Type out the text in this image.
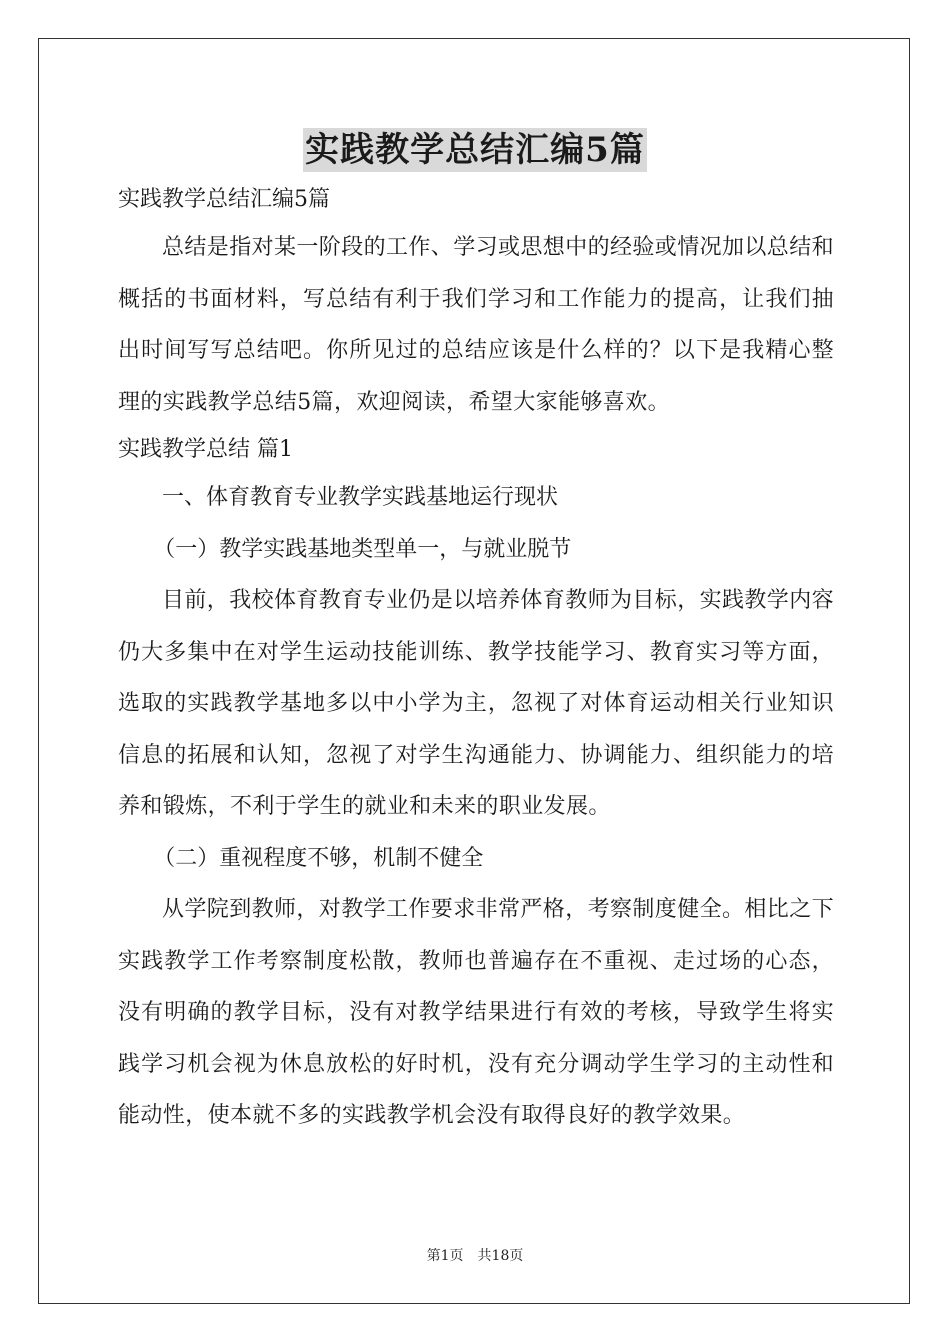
实践教学总结汇编5篇

实践教学总结汇编5篇

总结是指对某一阶段的工作、学习或思想中的经验或情况加以总结和概括的书面材料，写总结有利于我们学习和工作能力的提高，让我们抽出时间写写总结吧。你所见过的总结应该是什么样的？以下是我精心整理的实践教学总结5篇，欢迎阅读，希望大家能够喜欢。

实践教学总结 篇1

一、体育教育专业教学实践基地运行现状

（一）教学实践基地类型单一，与就业脱节

目前，我校体育教育专业仍是以培养体育教师为目标，实践教学内容仍大多集中在对学生运动技能训练、教学技能学习、教育实习等方面，选取的实践教学基地多以中小学为主，忽视了对体育运动相关行业知识信息的拓展和认知，忽视了对学生沟通能力、协调能力、组织能力的培养和锻炼，不利于学生的就业和未来的职业发展。

（二）重视程度不够，机制不健全

从学院到教师，对教学工作要求非常严格，考察制度健全。相比之下实践教学工作考察制度松散，教师也普遍存在不重视、走过场的心态，没有明确的教学目标，没有对教学结果进行有效的考核，导致学生将实践学习机会视为休息放松的好时机，没有充分调动学生学习的主动性和能动性，使本就不多的实践教学机会没有取得良好的教学效果。

第1页　共18页
